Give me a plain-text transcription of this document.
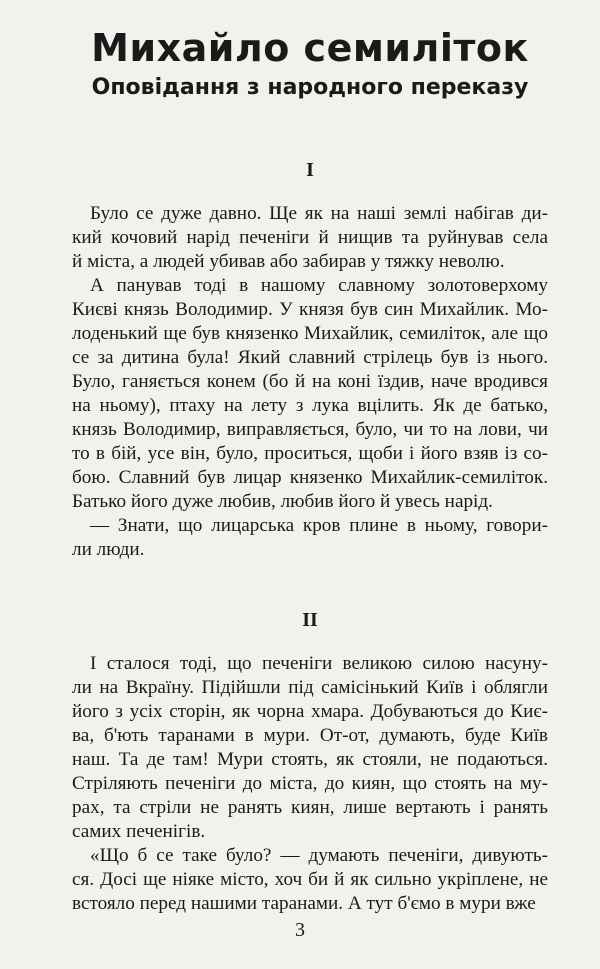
Михайло семиліток
Оповідання з народного переказу
I

Було се дуже давно. Ще як на наші землі набігав ди-
кий кочовий нарід печеніги й нищив та руйнував села
й міста, а людей убивав або забирав у тяжку неволю.

А панував тоді в нашому славному золотоверхому
Києві князь Володимир. У князя був син Михайлик. Мо-
лоденький ще був князенко Михайлик, семиліток, але що
се за дитина була! Який славний стрілець був із нього.
Було, ганяється конем (бо й на коні їздив, наче вродився
на ньому), птаху на лету з лука вцілить. Як де батько,
князь Володимир, виправляється, було, чи то на лови, чи
то в бій, усе він, було, проситься, щоби і його взяв із со-
бою. Славний був лицар князенко Михайлик-семиліток.
Батько його дуже любив, любив його й увесь нарід.

— Знати, що лицарська кров плине в ньому, говори-
ли люди.

II

І сталося тоді, що печеніги великою силою насуну-
ли на Вкраїну. Підійшли під самісінький Київ і облягли
його з усіх сторін, як чорна хмара. Добуваються до Киє-
ва, б'ють таранами в мури. От-от, думають, буде Київ
наш. Та де там! Мури стоять, як стояли, не подаються.
Стріляють печеніги до міста, до киян, що стоять на му-
рах, та стріли не ранять киян, лише вертають і ранять
самих печенігів.

«Що б се таке було? — думають печеніги, дивують-
ся. Досі ще ніяке місто, хоч би й як сильно укріплене, не
встояло перед нашими таранами. А тут б'ємо в мури вже

3
